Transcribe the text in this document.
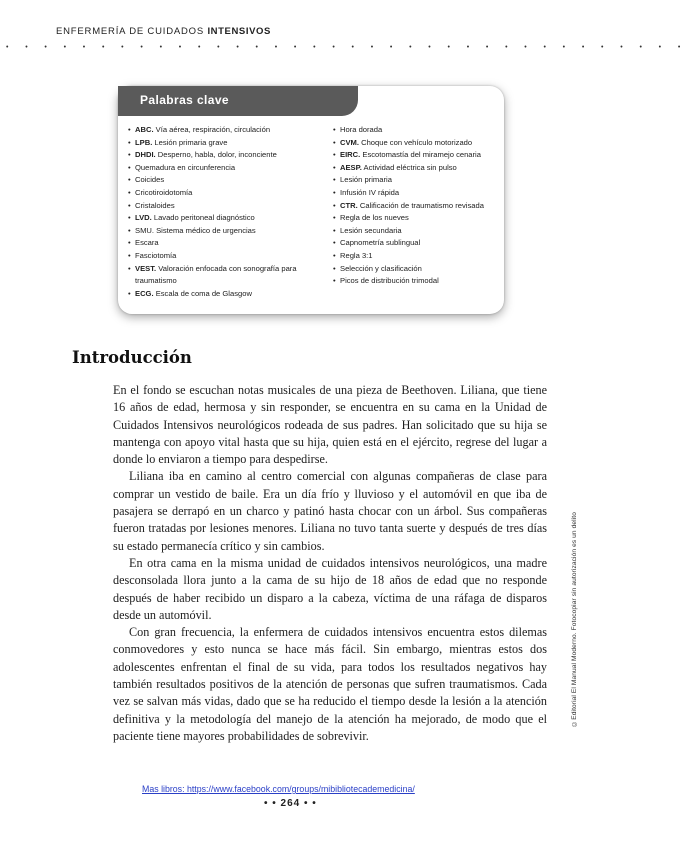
ENFERMERÍA DE CUIDADOS INTENSIVOS
• • • • • • • • • • • • • • • • • • • • • • • • • • • • • • • • • • • •
Palabras clave
• ABC. Vía aérea, respiración, circulación
• LPB. Lesión primaria grave
• DHDI. Desperno, habla, dolor, inconciente
• Quemadura en circunferencia
• Coicides
• Cricotiroidotomía
• Cristaloides
• LVD. Lavado peritoneal diagnóstico
• SMU. Sistema médico de urgencias
• Escara
• Fasciotomía
• VEST. Valoración enfocada con sonografía para traumatismo
• ECG. Escala de coma de Glasgow
• Hora dorada
• CVM. Choque con vehículo motorizado
• EIRC. Escotomastía del miramejo cenaria
• AESP. Actividad eléctrica sin pulso
• Lesión primaria
• Infusión IV rápida
• CTR. Calificación de traumatismo revisada
• Regla de los nueves
• Lesión secundaria
• Capnometría sublingual
• Regla 3:1
• Selección y clasificación
• Picos de distribución trimodal
Introducción

En el fondo se escuchan notas musicales de una pieza de Beethoven. Liliana, que tiene 16 años de edad, hermosa y sin responder, se encuentra en su cama en la Unidad de Cuidados Intensivos neurológicos rodeada de sus padres. Han solicitado que su hija se mantenga con apoyo vital hasta que su hija, quien está en el ejército, regrese del lugar a donde lo enviaron a tiempo para despedirse.

Liliana iba en camino al centro comercial con algunas compañeras de clase para comprar un vestido de baile. Era un día frío y lluvioso y el automóvil en que iba de pasajera se derrapó en un charco y patinó hasta chocar con un árbol. Sus compañeras fueron tratadas por lesiones menores. Liliana no tuvo tanta suerte y después de tres días su estado permanecía crítico y sin cambios.

En otra cama en la misma unidad de cuidados intensivos neurológicos, una madre desconsolada llora junto a la cama de su hijo de 18 años de edad que no responde después de haber recibido un disparo a la cabeza, víctima de una ráfaga de disparos desde un automóvil.

Con gran frecuencia, la enfermera de cuidados intensivos encuentra estos dilemas conmovedores y esto nunca se hace más fácil. Sin embargo, mientras estos dos adolescentes enfrentan el final de su vida, para todos los resultados negativos hay también resultados positivos de la atención de personas que sufren traumatismos. Cada vez se salvan más vidas, dado que se ha reducido el tiempo desde la lesión a la atención definitiva y la metodología del manejo de la atención ha mejorado, de modo que el paciente tiene mayores probabilidades de sobrevivir.

©Editorial El Manual Moderno. Fotocopiar sin autorización es un delito
Mas libros: https://www.facebook.com/groups/mibibliotecademedicina/
• • 264 • •
